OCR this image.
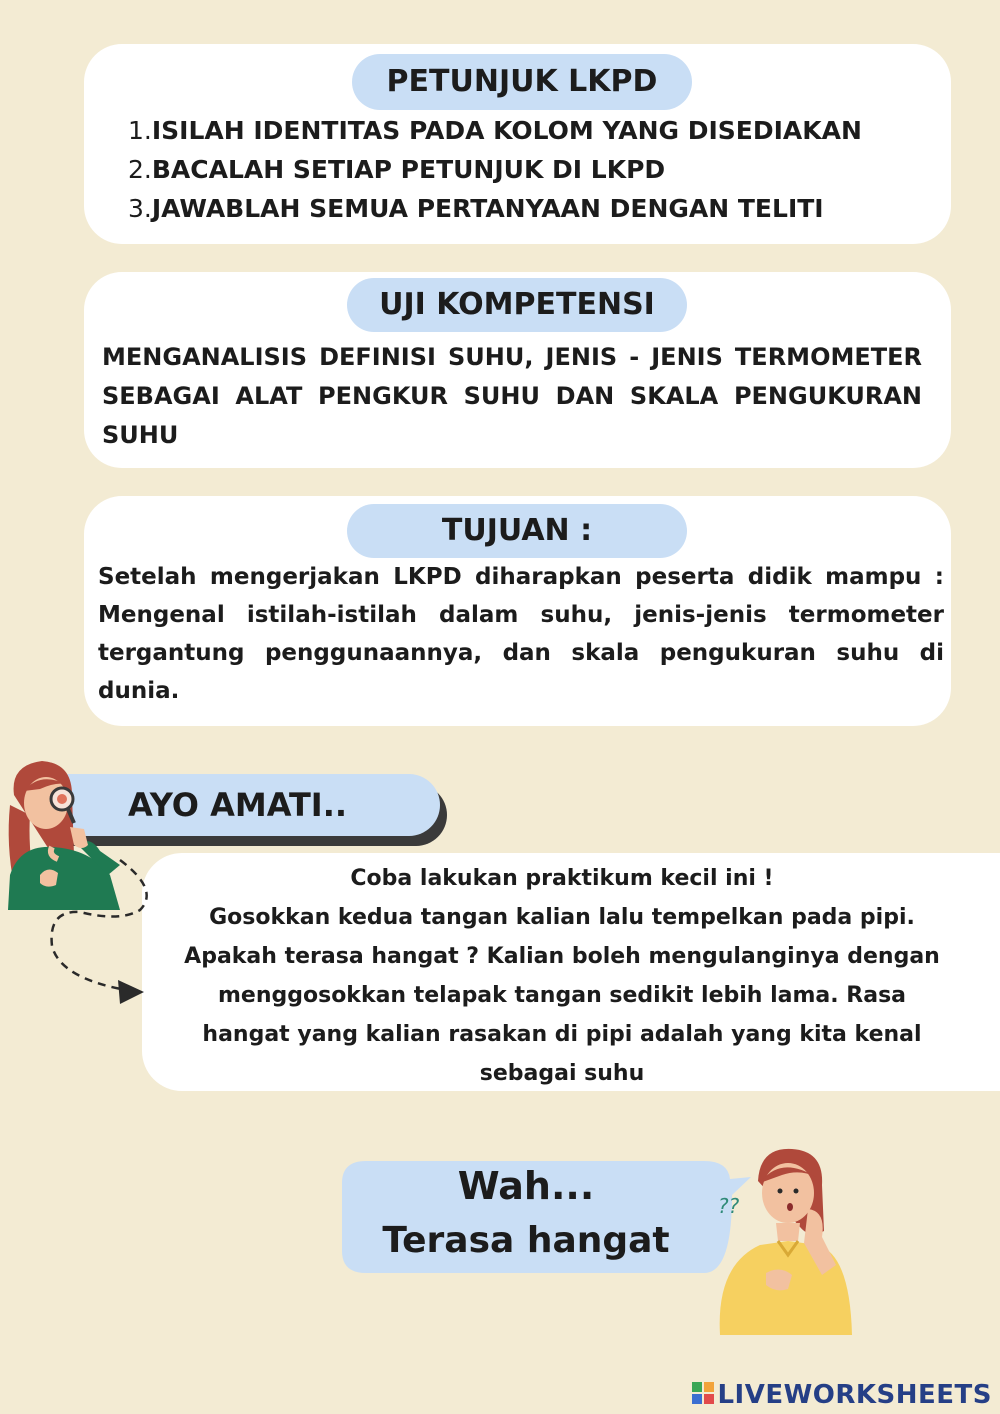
PETUNJUK LKPD
1.ISILAH IDENTITAS PADA KOLOM YANG DISEDIAKAN
2.BACALAH SETIAP PETUNJUK DI LKPD
3.JAWABLAH SEMUA PERTANYAAN DENGAN TELITI
UJI KOMPETENSI
MENGANALISIS DEFINISI SUHU, JENIS - JENIS TERMOMETER SEBAGAI ALAT PENGKUR SUHU DAN SKALA PENGUKURAN SUHU
TUJUAN :
Setelah mengerjakan LKPD diharapkan peserta didik mampu : Mengenal istilah-istilah dalam suhu, jenis-jenis termometer tergantung penggunaannya, dan skala pengukuran suhu di dunia.
AYO AMATI..
Coba lakukan praktikum kecil ini !
Gosokkan kedua tangan kalian lalu tempelkan pada pipi.
Apakah terasa hangat ? Kalian boleh mengulanginya dengan
menggosokkan telapak tangan sedikit lebih lama. Rasa
hangat yang kalian rasakan di pipi adalah yang kita kenal
sebagai suhu
Wah...
Terasa hangat
??
LIVEWORKSHEETS
